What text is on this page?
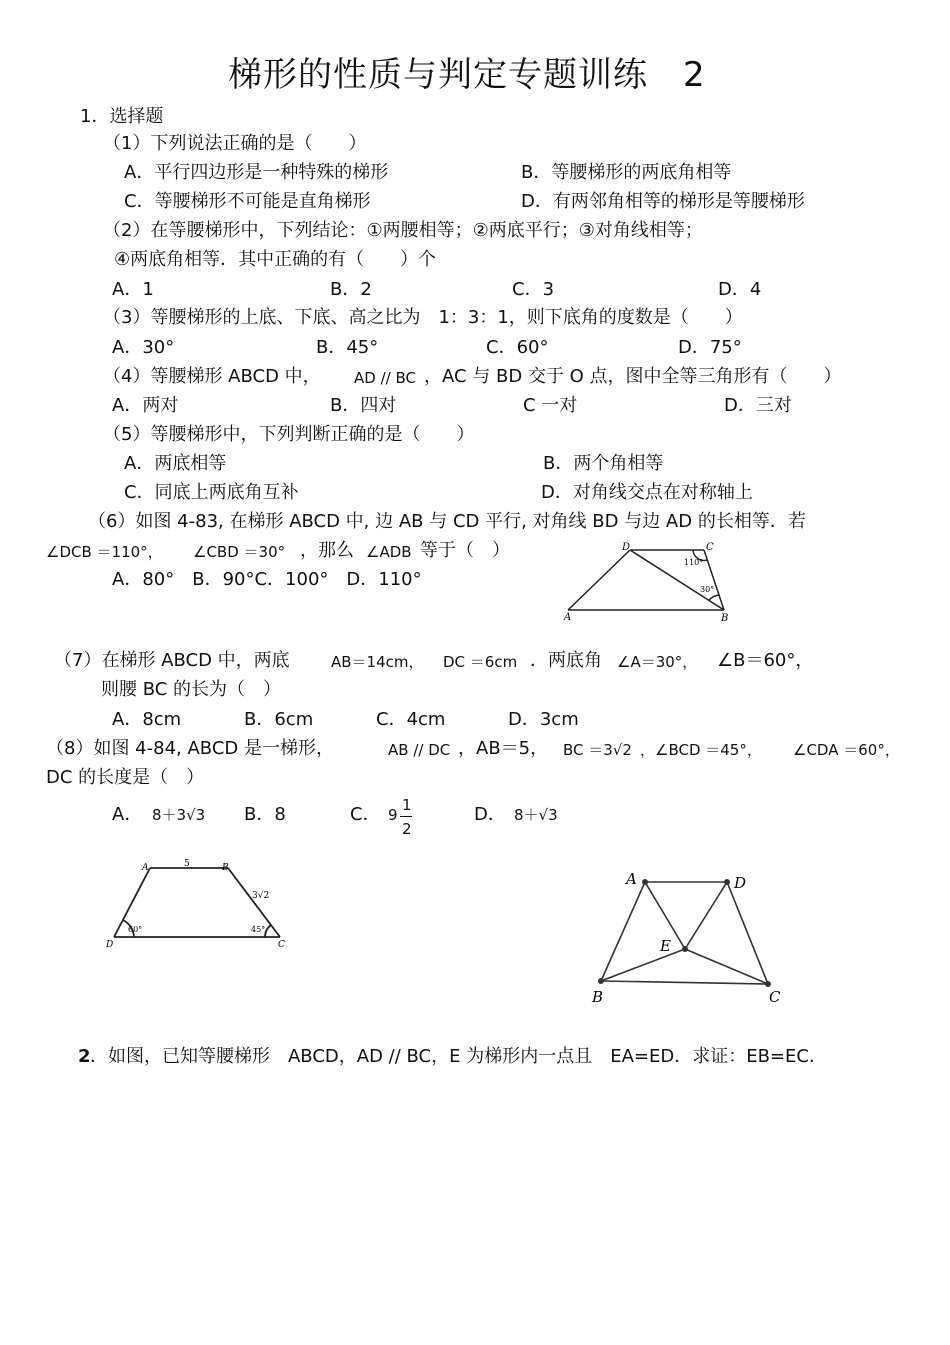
梯形的性质与判定专题训练　2
1．选择题
（1）下列说法正确的是（　　）
A．平行四边形是一种特殊的梯形	B．等腰梯形的两底角相等
C．等腰梯形不可能是直角梯形	D．有两邻角相等的梯形是等腰梯形
（2）在等腰梯形中，下列结论：①两腰相等；②两底平行；③对角线相等；
④两底角相等．其中正确的有（　　）个
A．1	B．2	C．3	D．4
（3）等腰梯形的上底、下底、高之比为　1：3：1，则下底角的度数是（　　）
A．30°	B．45°	C．60°	D．75°
（4）等腰梯形 ABCD 中， AD // BC ，AC 与 BD 交于 O 点，图中全等三角形有（　　）
A．两对	B．四对	C 一对	D．三对
（5）等腰梯形中，下列判断正确的是（　　）
A．两底相等	B．两个角相等
C．同底上两底角互补	D．对角线交点在对称轴上
（6）如图 4-83, 在梯形 ABCD 中, 边 AB 与 CD 平行, 对角线 BD 与边 AD 的长相等．若
∠DCB ＝110°， ∠CBD ＝30° ，那么 ∠ADB 等于（　）
A．80°　B．90°C．100°　D．110°
D	C
A	B
110°
30°
（7）在梯形 ABCD 中，两底	AB＝14cm， DC ＝6cm ．两底角 ∠A＝30°， ∠B＝60°，
则腰 BC 的长为（　）
A．8cm	B．6cm	C．4cm	D．3cm
（8）如图 4-84, ABCD 是一梯形，	AB // DC ，AB＝5， BC ＝3√2 ，∠BCD ＝45°， ∠CDA ＝60°，
DC 的长度是（　）
A． 8＋3√3 B．8	C． 9
1
2
D． 8＋√3
A	5	B
3√2
60°	45°
D	C
A	D
E
B	C
2 ．如图，已知等腰梯形　ABCD，AD // BC，E 为梯形内一点且　EA=ED．求证：EB=EC．
